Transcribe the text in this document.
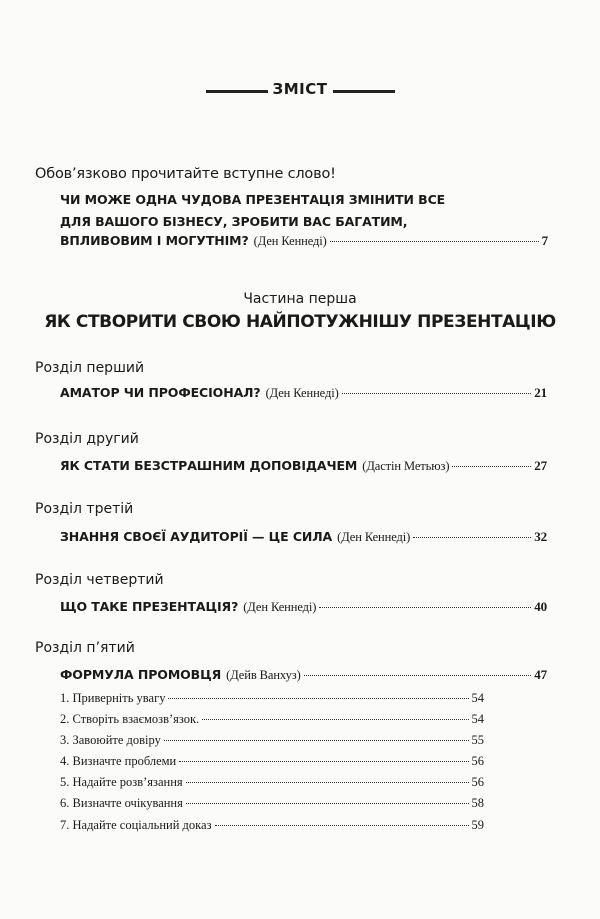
ЗМІСТ
Обов’язково прочитайте вступне слово!
ЧИ МОЖЕ ОДНА ЧУДОВА ПРЕЗЕНТАЦІЯ ЗМІНИТИ ВСЕ
ДЛЯ ВАШОГО БІЗНЕСУ, ЗРОБИТИ ВАС БАГАТИМ,
ВПЛИВОВИМ І МОГУТНІМ? (Ден Кеннеді)	7
Частина перша
ЯК СТВОРИТИ СВОЮ НАЙПОТУЖНІШУ ПРЕЗЕНТАЦІЮ
Розділ перший
АМАТОР ЧИ ПРОФЕСІОНАЛ? (Ден Кеннеді)	21
Розділ другий
ЯК СТАТИ БЕЗСТРАШНИМ ДОПОВІДАЧЕМ (Дастін Метьюз)	27
Розділ третій
ЗНАННЯ СВОЄЇ АУДИТОРІЇ — ЦЕ СИЛА (Ден Кеннеді)	32
Розділ четвертий
ЩО ТАКЕ ПРЕЗЕНТАЦІЯ? (Ден Кеннеді)	40
Розділ п’ятий
ФОРМУЛА ПРОМОВЦЯ (Дейв Ванхуз)	47
1. Приверніть увагу	54
2. Створіть взаємозв’язок.	54
3. Завоюйте довіру	55
4. Визначте проблеми	56
5. Надайте розв’язання	56
6. Визначте очікування	58
7. Надайте соціальний доказ	59
